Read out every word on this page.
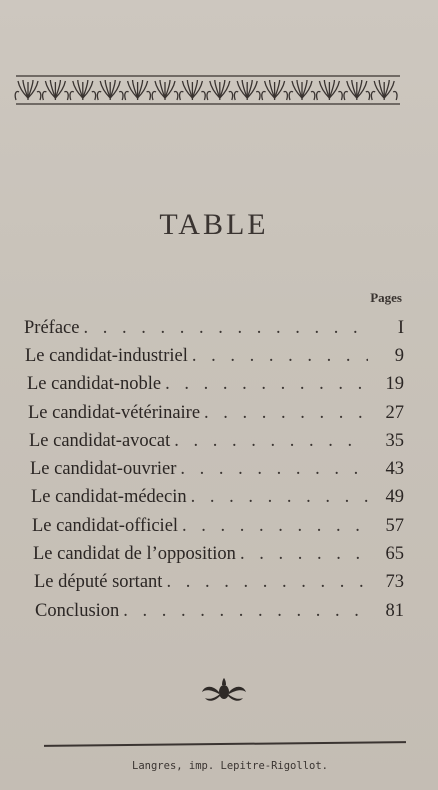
TABLE
Pages
Préface . . .	I
Le candidat-industriel . . .	9
Le candidat-noble . . .	19
Le candidat-vétérinaire . . .	27
Le candidat-avocat . . .	35
Le candidat-ouvrier . . .	43
Le candidat-médecin . . .	49
Le candidat-officiel . . .	57
Le candidat de l’opposition . . .	65
Le député sortant . . .	73
Conclusion . . .	81
Langres, imp. Lepitre-Rigollot.
